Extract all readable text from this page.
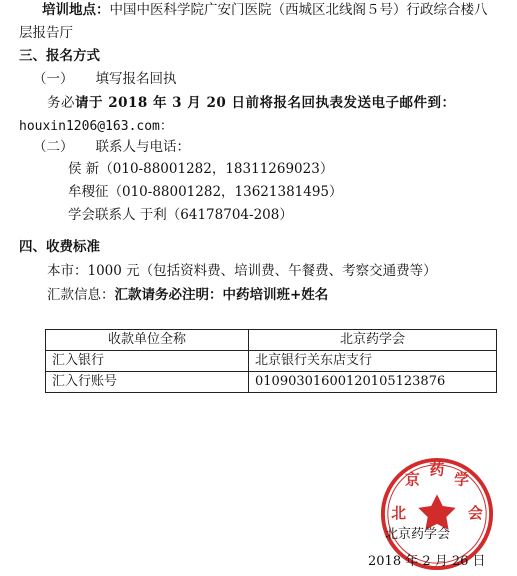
培训地点：中国中医科学院广安门医院（西城区北线阁５号）行政综合楼八
层报告厅
三、报名方式
（一） 填写报名回执
务必请于 2018 年 3 月 20 日前将报名回执表发送电子邮件到：
houxin1206@163.com：
（二） 联系人与电话：
侯 新（010-88001282，18311269023）
牟稷征（010-88001282，13621381495）
学会联系人 于利（64178704-208）
四、收费标准
本市：1000 元（包括资料费、培训费、午餐费、考察交通费等）
汇款信息：汇款请务必注明：中药培训班+姓名
收款单位全称	北京药学会
汇入银行	北京银行关东店支行
汇入行账号	01090301600120105123876
北
京
药
学
会
北京药学会
2018 年 2 月 26 日
